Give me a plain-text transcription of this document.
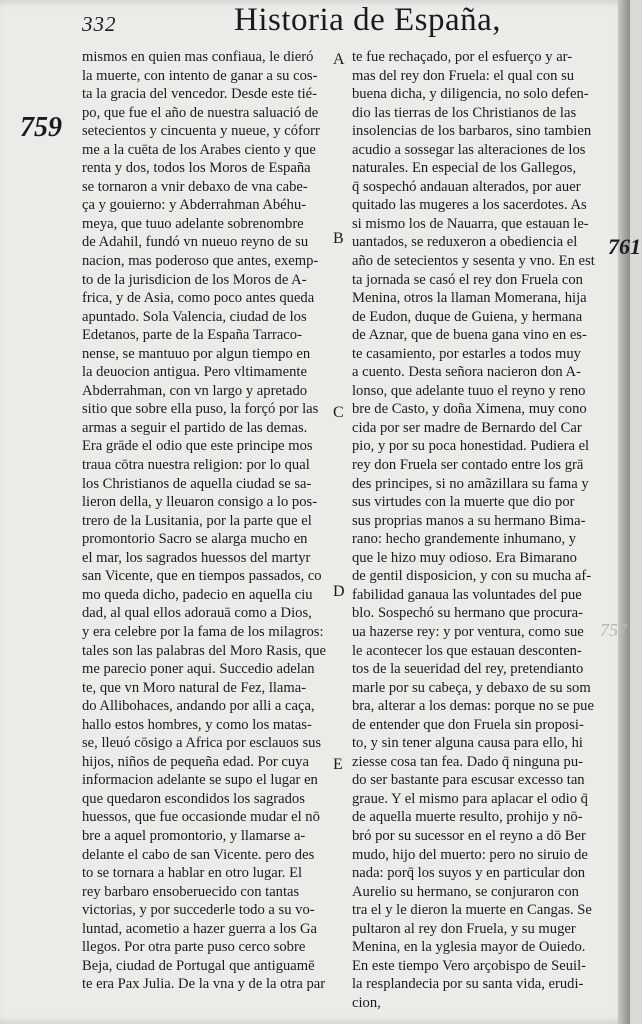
332	Historia de España,
759
761
A
B
C
D
E
757
mismos en quien mas confiaua, le dieró
la muerte, con intento de ganar a su cos-
ta la gracia del vencedor. Desde este tié-
po, que fue el año de nuestra saluació de
setecientos y cincuenta y nueue, y cóforr
me a la cuēta de los Arabes ciento y que
renta y dos, todos los Moros de España
se tornaron a vnir debaxo de vna cabe-
ça y gouierno: y Abderrahman Abéhu-
meya, que tuuo adelante sobrenombre
de Adahil, fundó vn nueuo reyno de su
nacion, mas poderoso que antes, exemp-
to de la jurisdicion de los Moros de A-
frica, y de Asia, como poco antes queda
apuntado. Sola Valencia, ciudad de los
Edetanos, parte de la España Tarraco-
nense, se mantuuo por algun tiempo en
la deuocion antigua. Pero vltimamente
Abderrahman, con vn largo y apretado
sitio que sobre ella puso, la forçó por las
armas a seguir el partido de las demas.
Era grāde el odio que este principe mos
traua cōtra nuestra religion: por lo qual
los Christianos de aquella ciudad se sa-
lieron della, y lleuaron consigo a lo pos-
trero de la Lusitania, por la parte que el
promontorio Sacro se alarga mucho en
el mar, los sagrados huessos del martyr
san Vicente, que en tiempos passados, co
mo queda dicho, padecio en aquella ciu
dad, al qual ellos adorauā como a Dios,
y era celebre por la fama de los milagros:
tales son las palabras del Moro Rasis, que
me parecio poner aqui. Succedio adelan
te, que vn Moro natural de Fez, llama-
do Allibohaces, andando por alli a caça,
hallo estos hombres, y como los matas-
se, lleuó cōsigo a Africa por esclauos sus
hijos, niños de pequeña edad. Por cuya
informacion adelante se supo el lugar en
que quedaron escondidos los sagrados
huessos, que fue occasionde mudar el nō
bre a aquel promontorio, y llamarse a-
delante el cabo de san Vicente. pero des
to se tornara a hablar en otro lugar. El
rey barbaro ensoberuecido con tantas
victorias, y por succederle todo a su vo-
luntad, acometio a hazer guerra a los Ga
llegos. Por otra parte puso cerco sobre
Beja, ciudad de Portugal que antiguamē
te era Pax Julia. De la vna y de la otra par
te fue rechaçado, por el esfuerço y ar-
mas del rey don Fruela: el qual con su
buena dicha, y diligencia, no solo defen-
dio las tierras de los Christianos de las
insolencias de los barbaros, sino tambien
acudio a sossegar las alteraciones de los
naturales. En especial de los Gallegos,
q̄ sospechó andauan alterados, por auer
quitado las mugeres a los sacerdotes. As
si mismo los de Nauarra, que estauan le-
uantados, se reduxeron a obediencia el
año de setecientos y sesenta y vno. En est
ta jornada se casó el rey don Fruela con
Menina, otros la llaman Momerana, hija
de Eudon, duque de Guiena, y hermana
de Aznar, que de buena gana vino en es-
te casamiento, por estarles a todos muy
a cuento. Desta señora nacieron don A-
lonso, que adelante tuuo el reyno y reno
bre de Casto, y doña Ximena, muy cono
cida por ser madre de Bernardo del Car
pio, y por su poca honestidad. Pudiera el
rey don Fruela ser contado entre los grā
des principes, si no amãzillara su fama y
sus virtudes con la muerte que dio por
sus proprias manos a su hermano Bima-
rano: hecho grandemente inhumano, y
que le hizo muy odioso. Era Bimarano
de gentil disposicion, y con su mucha af-
fabilidad ganaua las voluntades del pue
blo. Sospechó su hermano que procura-
ua hazerse rey: y por ventura, como sue
le acontecer los que estauan desconten-
tos de la seueridad del rey, pretendianto
marle por su cabeça, y debaxo de su som
bra, alterar a los demas: porque no se pue
de entender que don Fruela sin proposi-
to, y sin tener alguna causa para ello, hi
ziesse cosa tan fea. Dado q̄ ninguna pu-
do ser bastante para escusar excesso tan
graue. Y el mismo para aplacar el odio q̄
de aquella muerte resulto, prohijo y nō-
bró por su sucessor en el reyno a dō Ber
mudo, hijo del muerto: pero no siruio de
nada: porq̄ los suyos y en particular don
Aurelio su hermano, se conjuraron con
tra el y le dieron la muerte en Cangas. Se
pultaron al rey don Fruela, y su muger
Menina, en la yglesia mayor de Ouiedo.
En este tiempo Vero arçobispo de Seuil-
la resplandecia por su santa vida, erudi-
cion,
